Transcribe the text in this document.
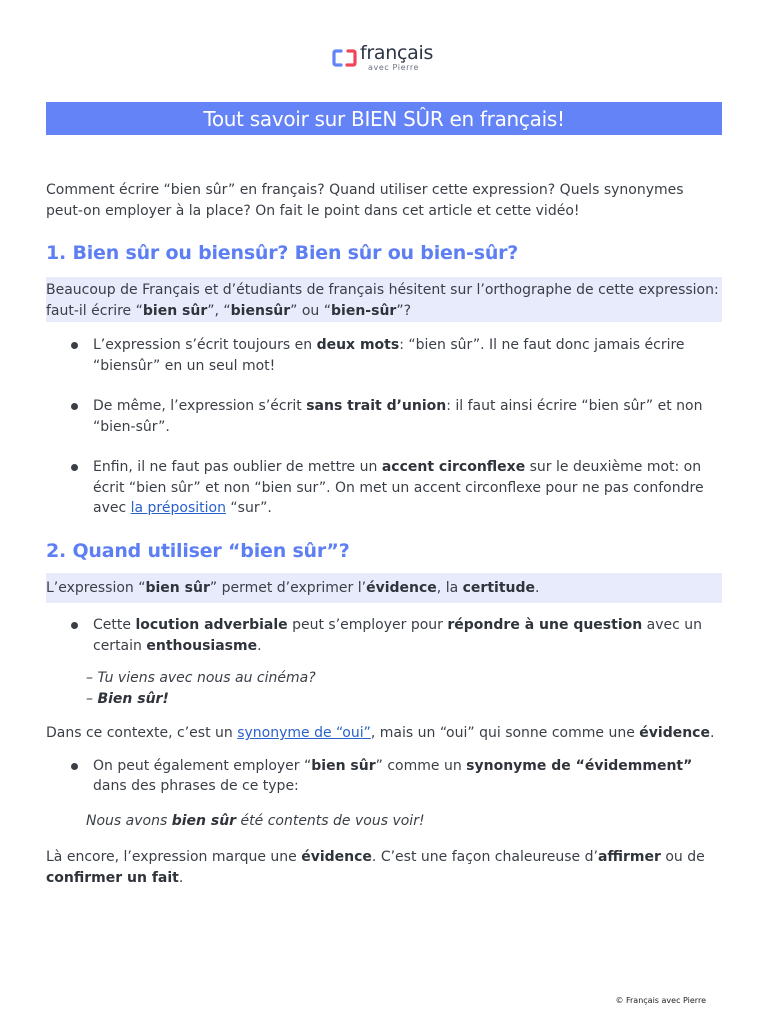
français
avec Pierre
Tout savoir sur BIEN SÛR en français!

Comment écrire “bien sûr” en français? Quand utiliser cette expression? Quels synonymes peut-on employer à la place? On fait le point dans cet article et cette vidéo!

1. Bien sûr ou biensûr? Bien sûr ou bien-sûr?

Beaucoup de Français et d’étudiants de français hésitent sur l’orthographe de cette expression: faut-il écrire “bien sûr”, “biensûr” ou “bien-sûr”?

L’expression s’écrit toujours en deux mots: “bien sûr”. Il ne faut donc jamais écrire “biensûr” en un seul mot!
De même, l’expression s’écrit sans trait d’union: il faut ainsi écrire “bien sûr” et non “bien-sûr”.
Enfin, il ne faut pas oublier de mettre un accent circonflexe sur le deuxième mot: on écrit “bien sûr” et non “bien sur”. On met un accent circonflexe pour ne pas confondre avec la préposition “sur”.
2. Quand utiliser “bien sûr”?

L’expression “bien sûr” permet d’exprimer l’évidence, la certitude.

Cette locution adverbiale peut s’employer pour répondre à une question avec un certain enthousiasme.
– Tu viens avec nous au cinéma?
– Bien sûr!

Dans ce contexte, c’est un synonyme de “oui”, mais un “oui” qui sonne comme une évidence.

On peut également employer “bien sûr” comme un synonyme de “évidemment” dans des phrases de ce type:

Nous avons bien sûr été contents de vous voir!

Là encore, l’expression marque une évidence. C’est une façon chaleureuse d’affirmer ou de confirmer un fait.

© Français avec Pierre
